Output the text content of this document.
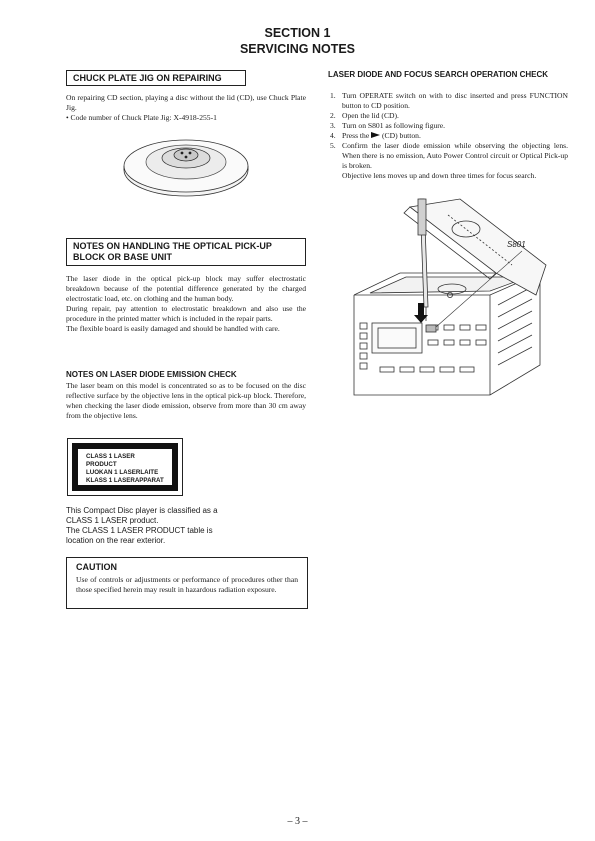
SECTION 1
SERVICING NOTES
CHUCK PLATE JIG ON REPAIRING

On repairing CD section, playing a disc without the lid (CD), use Chuck Plate Jig.

• Code number of Chuck Plate Jig: X-4918-255-1

NOTES ON HANDLING THE OPTICAL PICK-UP BLOCK OR BASE UNIT

The laser diode in the optical pick-up block may suffer electrostatic breakdown because of the potential difference generated by the charged electrostatic load, etc. on clothing and the human body.

During repair, pay attention to electrostatic breakdown and also use the procedure in the printed matter which is included in the repair parts.

The flexible board is easily damaged and should be handled with care.

NOTES ON LASER DIODE EMISSION CHECK
The laser beam on this model is concentrated so as to be focused on the disc reflective surface by the objective lens in the optical pick-up block. Therefore, when checking the laser diode emission, observe from more than 30 cm away from the objective lens.
CLASS 1 LASER PRODUCT
LUOKAN 1 LASERLAITE
KLASS 1 LASERAPPARAT
This Compact Disc player is classified as a
CLASS 1 LASER product.
The CLASS 1 LASER PRODUCT table is
location on the rear exterior.
CAUTION
Use of controls or adjustments or performance of procedures other than those specified herein may result in hazardous radiation exposure.
LASER DIODE AND FOCUS SEARCH OPERATION CHECK
1. Turn OPERATE switch on with to disc inserted and press FUNCTION button to CD position.
2. Open the lid (CD).
3. Turn on S801 as following figure.
4. Press the (CD) button.
5. Confirm the laser diode emission while observing the objecting lens. When there is no emission, Auto Power Control circuit or Optical Pick-up is broken.
Objective lens moves up and down three times for focus search.
S801
– 3 –
